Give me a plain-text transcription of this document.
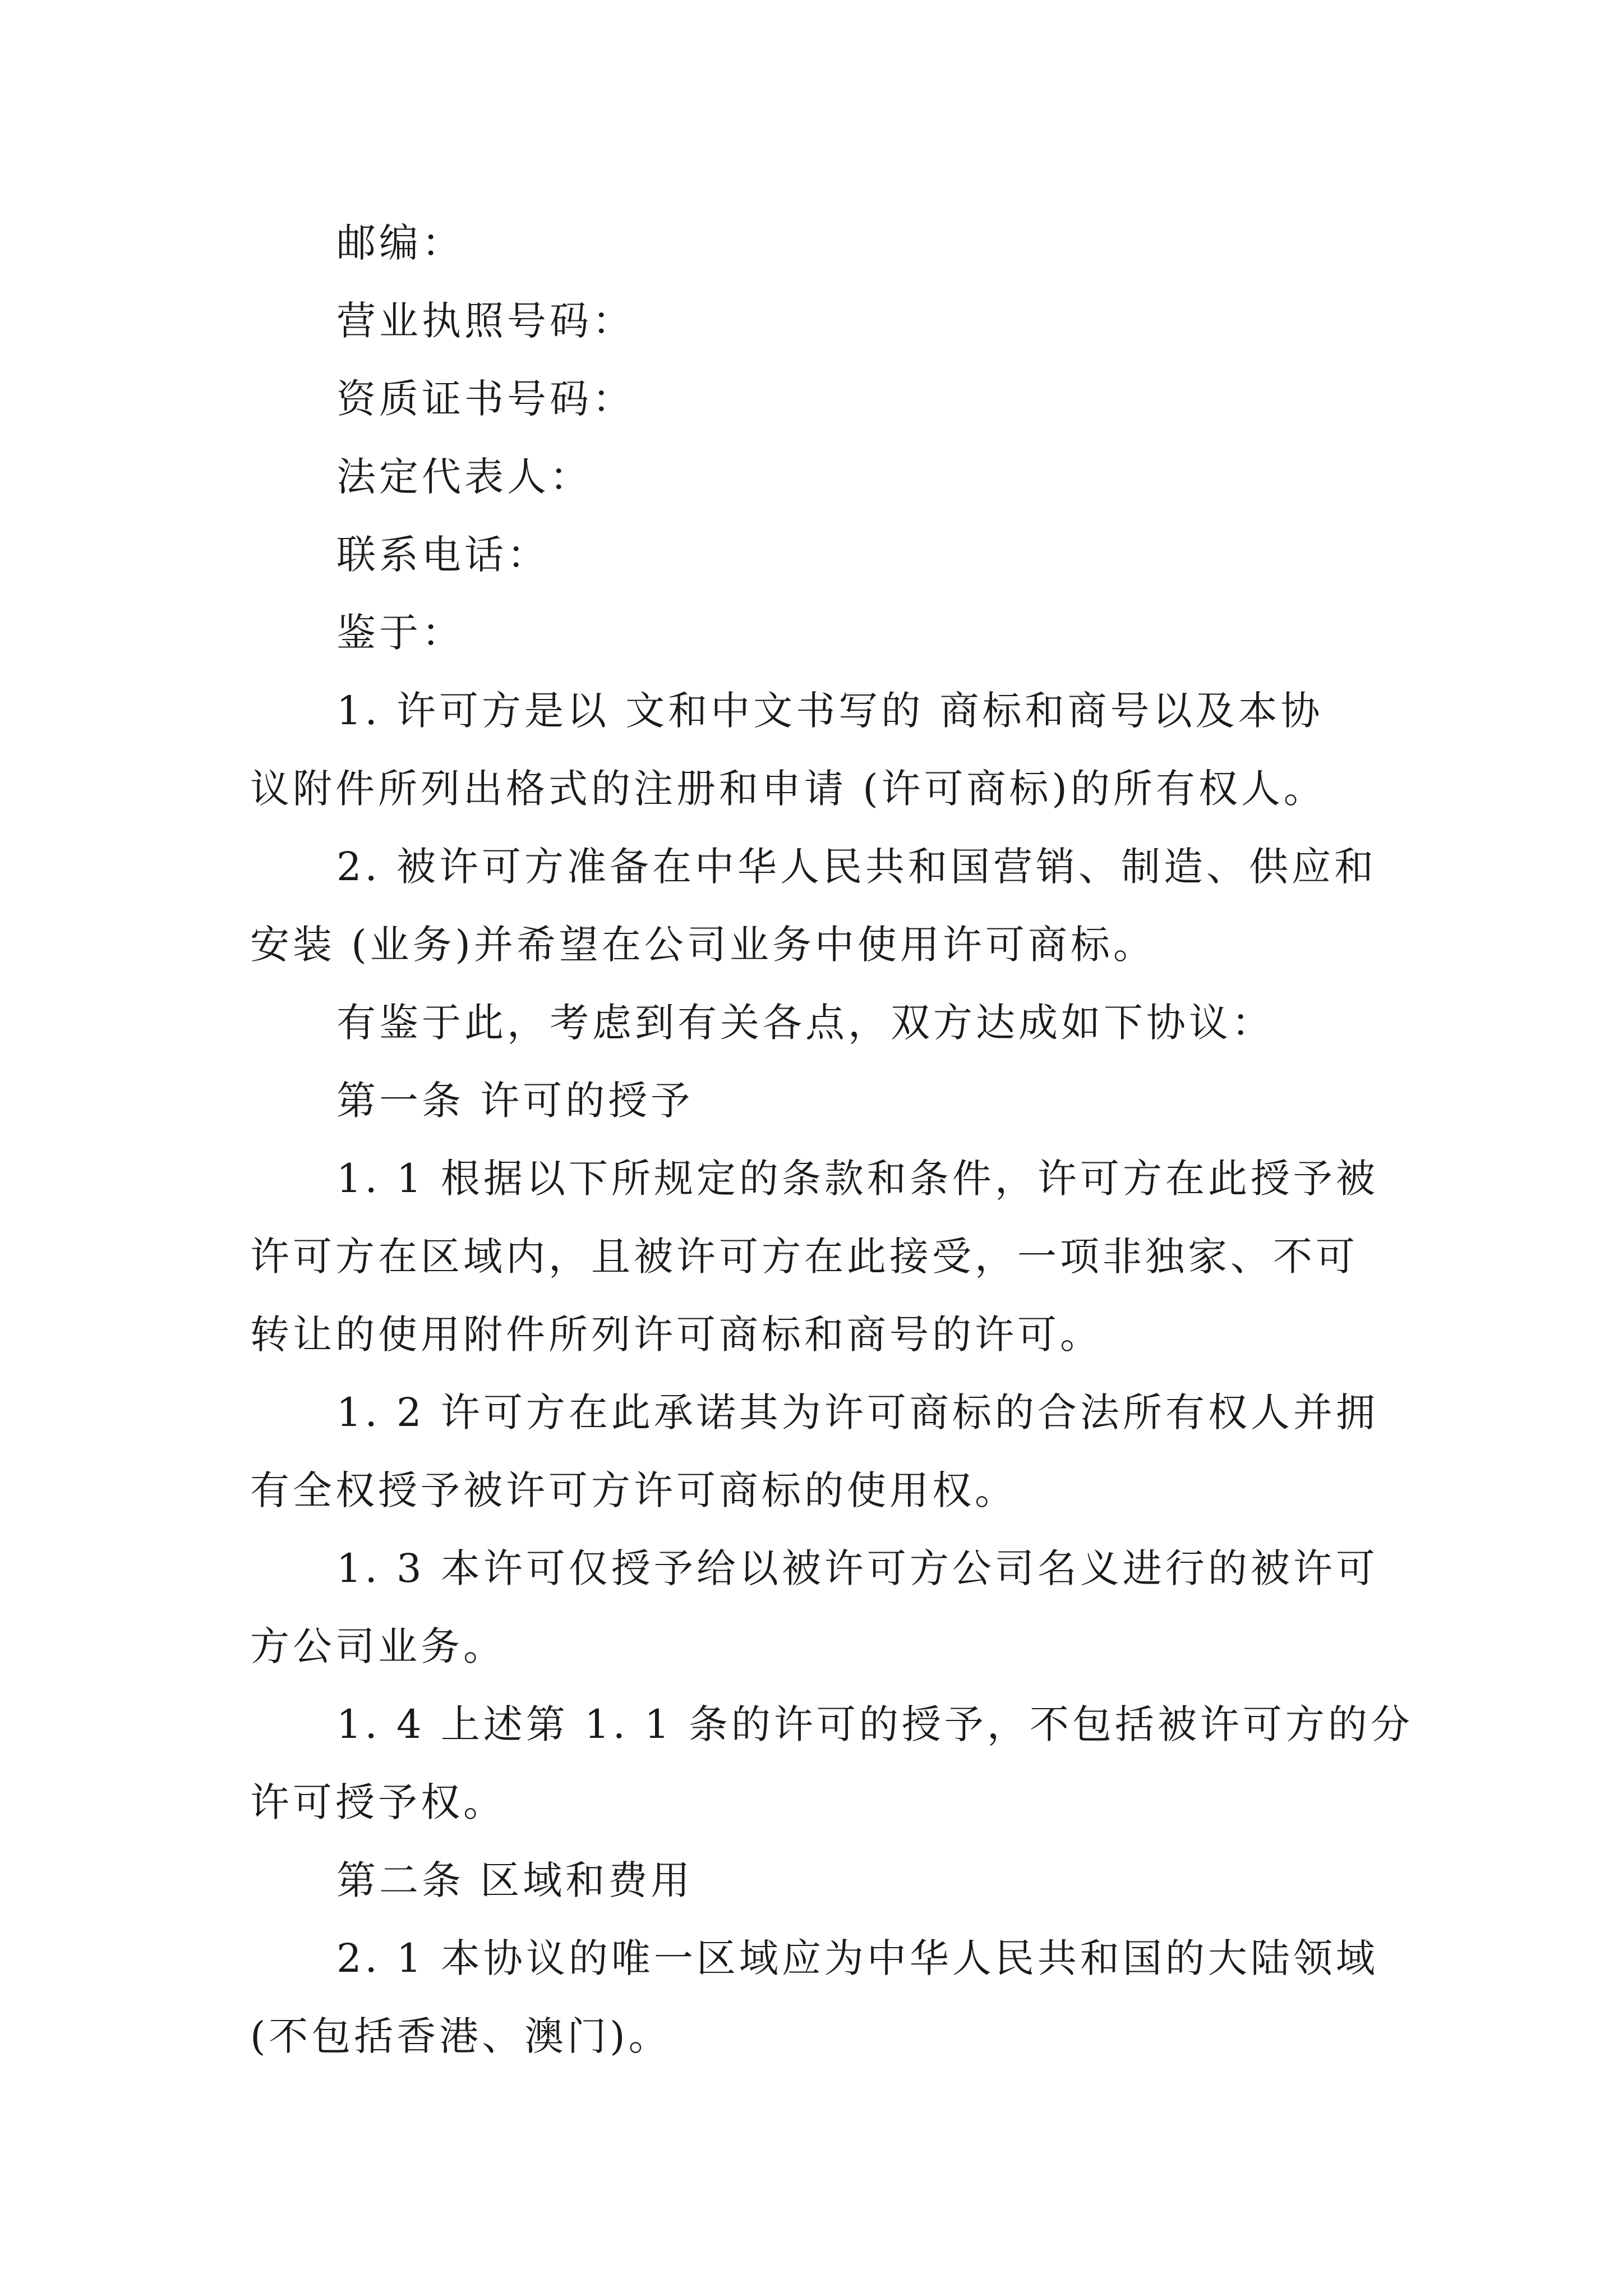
邮编：
营业执照号码：
资质证书号码：
法定代表人：
联系电话：
鉴于：
1. 许可方是以 文和中文书写的 商标和商号以及本协
议附件所列出格式的注册和申请 (许可商标)的所有权人。
2. 被许可方准备在中华人民共和国营销、制造、供应和
安装 (业务)并希望在公司业务中使用许可商标。
有鉴于此，考虑到有关各点，双方达成如下协议：
第一条 许可的授予
1. 1 根据以下所规定的条款和条件，许可方在此授予被
许可方在区域内，且被许可方在此接受，一项非独家、不可
转让的使用附件所列许可商标和商号的许可。
1. 2 许可方在此承诺其为许可商标的合法所有权人并拥
有全权授予被许可方许可商标的使用权。
1. 3 本许可仅授予给以被许可方公司名义进行的被许可
方公司业务。
1. 4 上述第 1. 1 条的许可的授予，不包括被许可方的分
许可授予权。
第二条 区域和费用
2. 1 本协议的唯一区域应为中华人民共和国的大陆领域
(不包括香港、澳门)。
